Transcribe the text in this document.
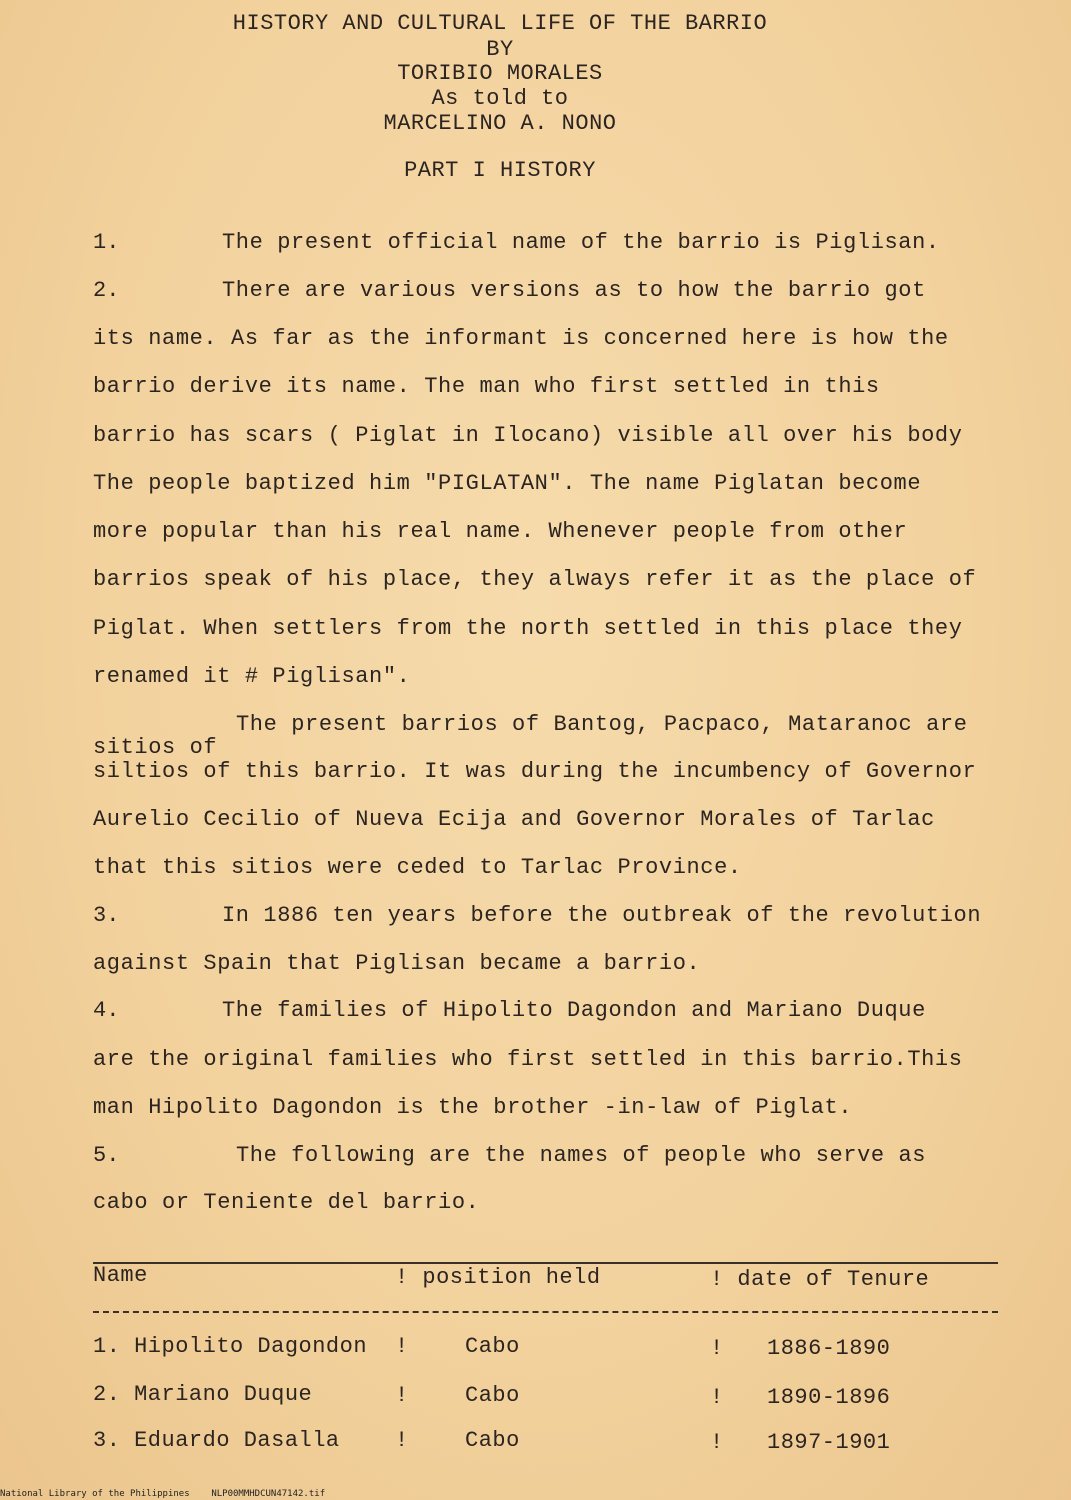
HISTORY AND CULTURAL LIFE OF THE BARRIO
BY
TORIBIO MORALES
As told to
MARCELINO A. NONO
PART I HISTORY
1.	The present official name of the barrio is Piglisan.
2.	There are various versions as to how the barrio got
its name. As far as the informant is concerned here is how the
barrio derive its name. The man who first settled in this
barrio has scars ( Piglat in Ilocano) visible all over his body
The people baptized him "PIGLATAN". The name Piglatan become
more popular than his real name. Whenever people from other
barrios speak of his place, they always refer it as the place of
Piglat. When settlers from the north settled in this place they
renamed it # Piglisan".
The present barrios of Bantog, Pacpaco, Mataranoc are
sitios of
siltios of this barrio. It was during the incumbency of Governor
Aurelio Cecilio of Nueva Ecija and Governor Morales of Tarlac
that this sitios were ceded to Tarlac Province.
3.	In 1886 ten years before the outbreak of the revolution
against Spain that Piglisan became a barrio.
4.	The families of Hipolito Dagondon and Mariano Duque
are the original families who first settled in this barrio.This
man Hipolito Dagondon is the brother -in-law of Piglat.
5.	The following are the names of people who serve as
cabo or Teniente del barrio.
Name	! position held	! date of Tenure
1. Hipolito Dagondon !	Cabo	! 1886-1890
2. Mariano Duque	!	Cabo	! 1890-1896
3. Eduardo Dasalla	!	Cabo	! 1897-1901
National Library of the Philippines    NLP00MMHDCUN47142.tif
